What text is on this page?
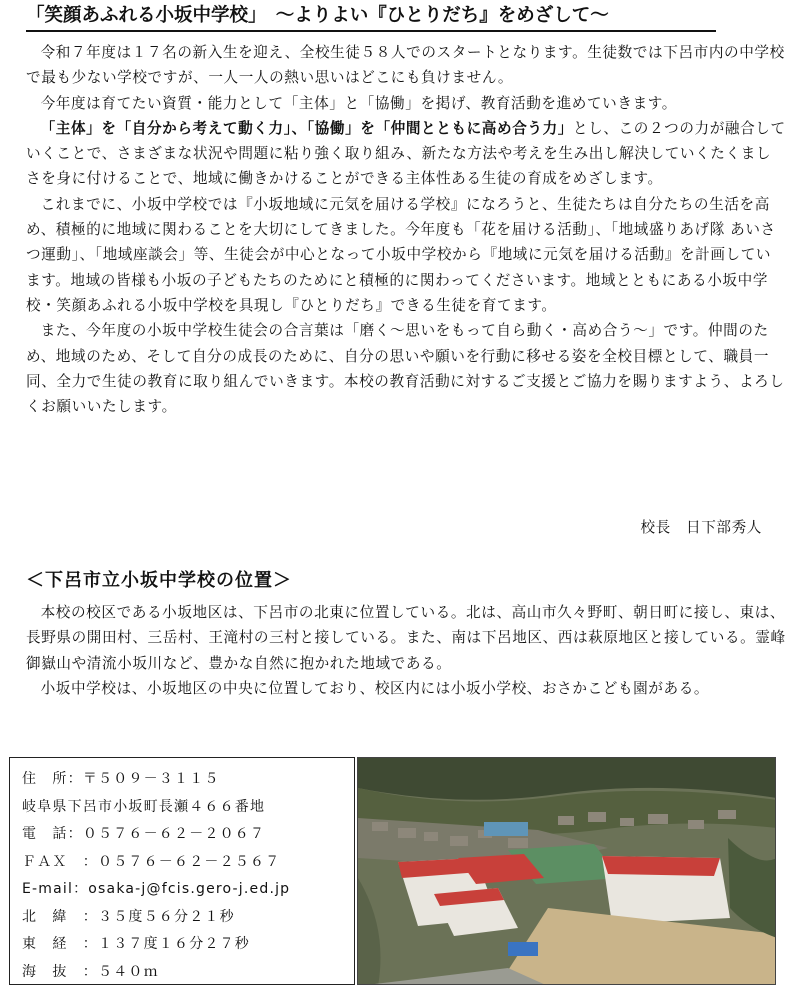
「笑顔あふれる小坂中学校」　～よりよい『ひとりだち』をめざして～

令和７年度は１７名の新入生を迎え、全校生徒５８人でのスタートとなります。生徒数では下呂市内の中学校で最も少ない学校ですが、一人一人の熱い思いはどこにも負けません。

今年度は育てたい資質・能力として「主体」と「協働」を掲げ、教育活動を進めていきます。

「主体」を「自分から考えて動く力」、「協働」を「仲間とともに高め合う力」とし、この２つの力が融合していくことで、さまざまな状況や問題に粘り強く取り組み、新たな方法や考えを生み出し解決していくたくましさを身に付けることで、地域に働きかけることができる主体性ある生徒の育成をめざします。

これまでに、小坂中学校では『小坂地域に元気を届ける学校』になろうと、生徒たちは自分たちの生活を高め、積極的に地域に関わることを大切にしてきました。今年度も「花を届ける活動」、「地域盛りあげ隊 あいさつ運動」、「地域座談会」等、生徒会が中心となって小坂中学校から『地域に元気を届ける活動』を計画しています。地域の皆様も小坂の子どもたちのためにと積極的に関わってくださいます。地域とともにある小坂中学校・笑顔あふれる小坂中学校を具現し『ひとりだち』できる生徒を育てます。

また、今年度の小坂中学校生徒会の合言葉は「磨く～思いをもって自ら動く・高め合う～」です。仲間のため、地域のため、そして自分の成長のために、自分の思いや願いを行動に移せる姿を全校目標として、職員一同、全力で生徒の教育に取り組んでいきます。本校の教育活動に対するご支援とご協力を賜りますよう、よろしくお願いいたします。

校長　日下部秀人
＜下呂市立小坂中学校の位置＞

本校の校区である小坂地区は、下呂市の北東に位置している。北は、高山市久々野町、朝日町に接し、東は、長野県の開田村、三岳村、王滝村の三村と接している。また、南は下呂地区、西は萩原地区と接している。霊峰御嶽山や清流小坂川など、豊かな自然に抱かれた地域である。

小坂中学校は、小坂地区の中央に位置しており、校区内には小坂小学校、おさかこども園がある。

住　所：〒５０９－３１１５
岐阜県下呂市小坂町長瀬４６６番地
電　話：０５７６－６２－２０６７
ＦＡＸ　：０５７６－６２－２５６７
E-mail：osaka-j@fcis.gero-j.ed.jp
北　緯　：３５度５６分２１秒
東　経　：１３７度１６分２７秒
海　抜　：５４０ｍ
